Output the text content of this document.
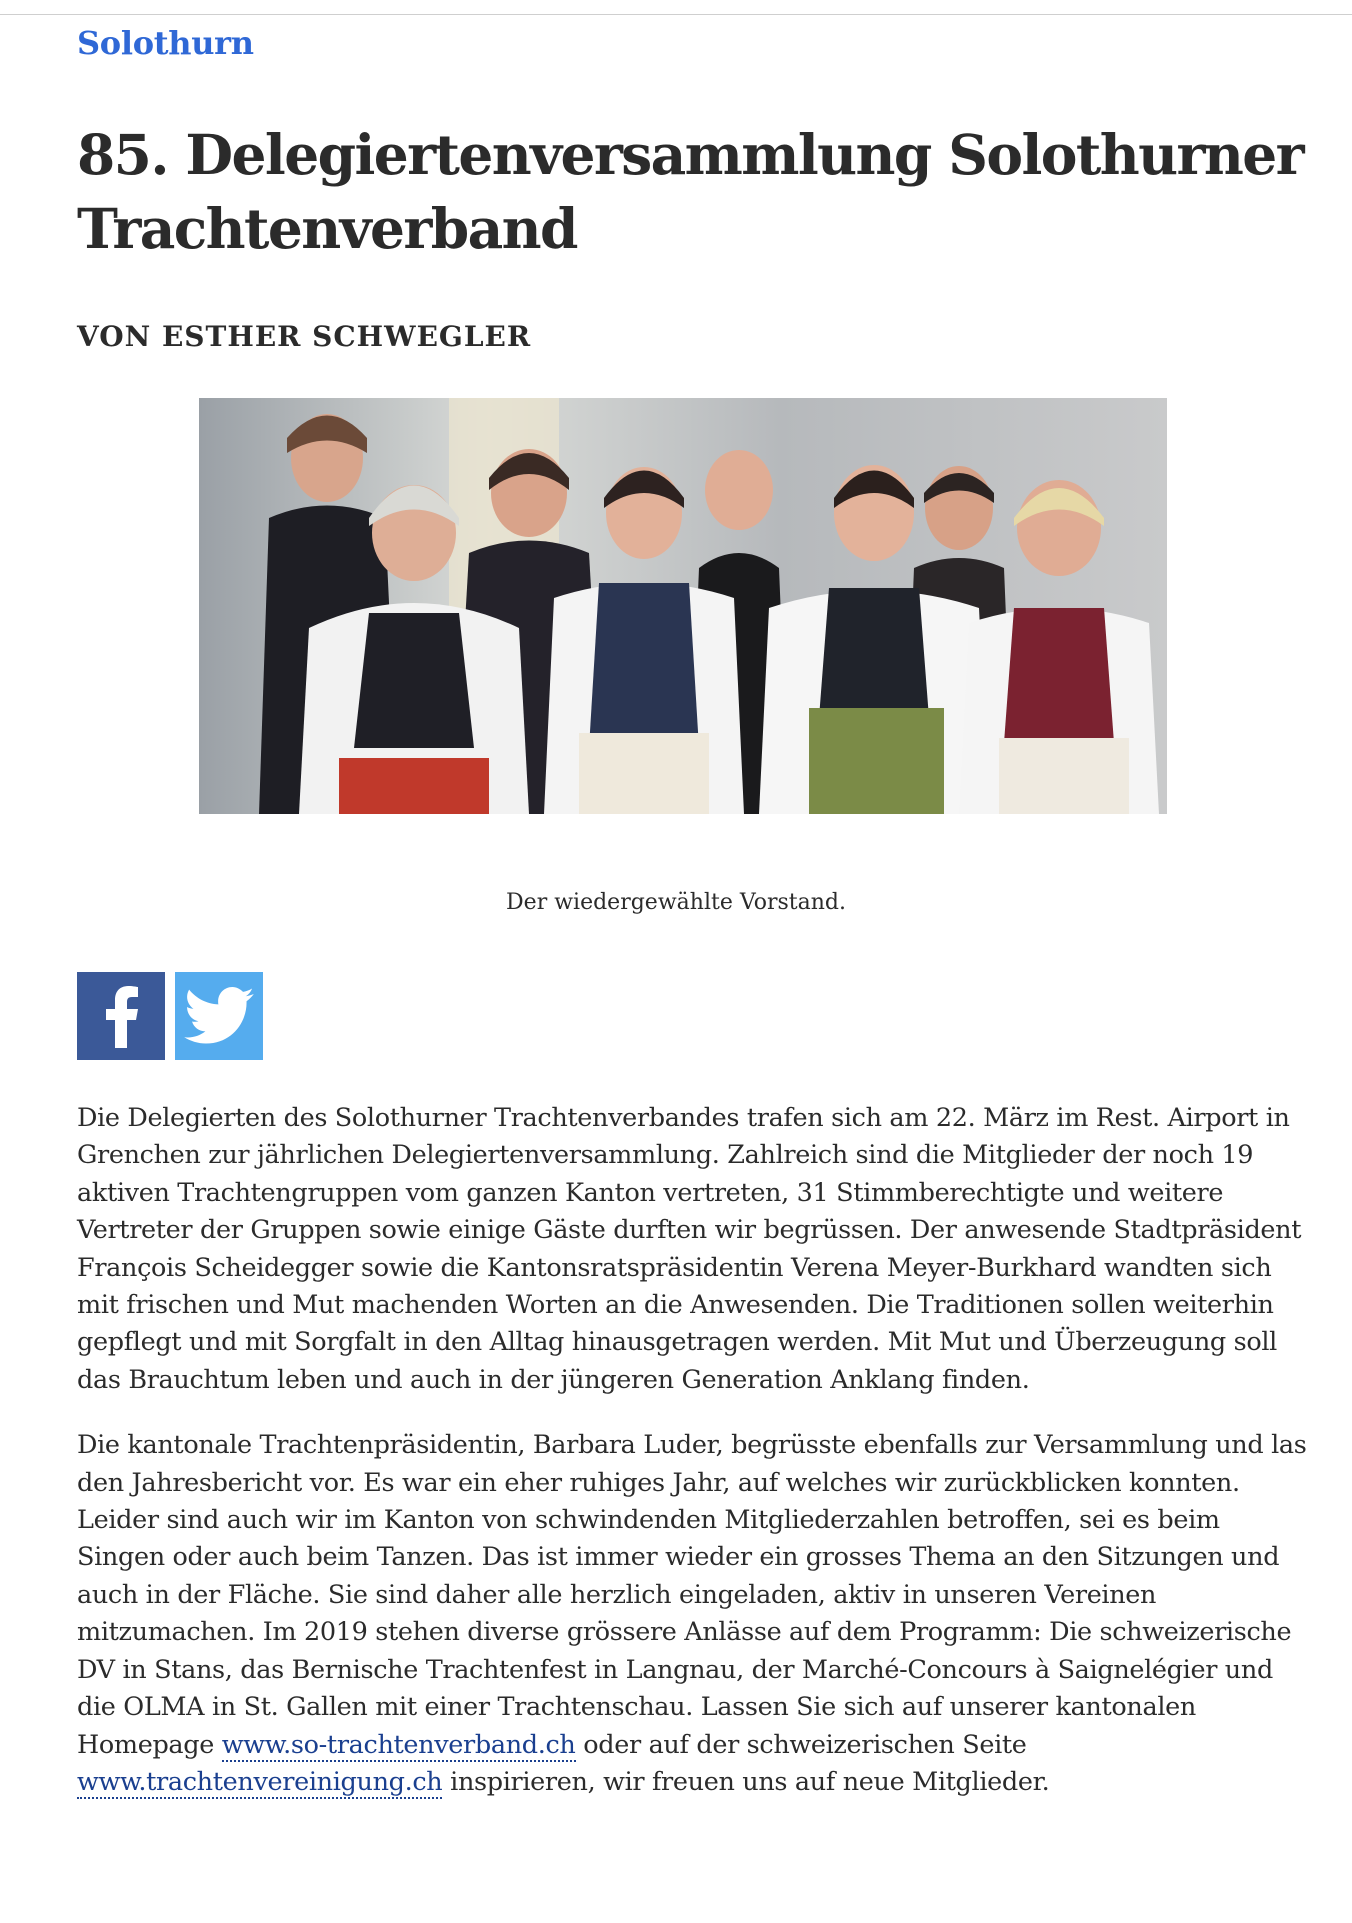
Solothurn
85. Delegiertenversammlung Solothurner Trachtenverband
VON ESTHER SCHWEGLER
Der wiedergewählte Vorstand.

Die Delegierten des Solothurner Trachtenverbandes trafen sich am 22. März im Rest. Airport in Grenchen zur jährlichen Delegiertenversammlung. Zahlreich sind die Mitglieder der noch 19 aktiven Trachtengruppen vom ganzen Kanton vertreten, 31 Stimmberechtigte und weitere Vertreter der Gruppen sowie einige Gäste durften wir begrüssen. Der anwesende Stadtpräsident François Scheidegger sowie die Kantonsratspräsidentin Verena Meyer-Burkhard wandten sich mit frischen und Mut machenden Worten an die Anwesenden. Die Traditionen sollen weiterhin gepflegt und mit Sorgfalt in den Alltag hinausgetragen werden. Mit Mut und Überzeugung soll das Brauchtum leben und auch in der jüngeren Generation Anklang finden.

Die kantonale Trachtenpräsidentin, Barbara Luder, begrüsste ebenfalls zur Versammlung und las den Jahresbericht vor. Es war ein eher ruhiges Jahr, auf welches wir zurückblicken konnten. Leider sind auch wir im Kanton von schwindenden Mitgliederzahlen betroffen, sei es beim Singen oder auch beim Tanzen. Das ist immer wieder ein grosses Thema an den Sitzungen und auch in der Fläche. Sie sind daher alle herzlich eingeladen, aktiv in unseren Vereinen mitzumachen. Im 2019 stehen diverse grössere Anlässe auf dem Programm: Die schweizerische DV in Stans, das Bernische Trachtenfest in Langnau, der Marché-Concours à Saignelégier und die OLMA in St. Gallen mit einer Trachtenschau. Lassen Sie sich auf unserer kantonalen Homepage www.so-trachtenverband.ch oder auf der schweizerischen Seite www.trachtenvereinigung.ch inspirieren, wir freuen uns auf neue Mitglieder.
